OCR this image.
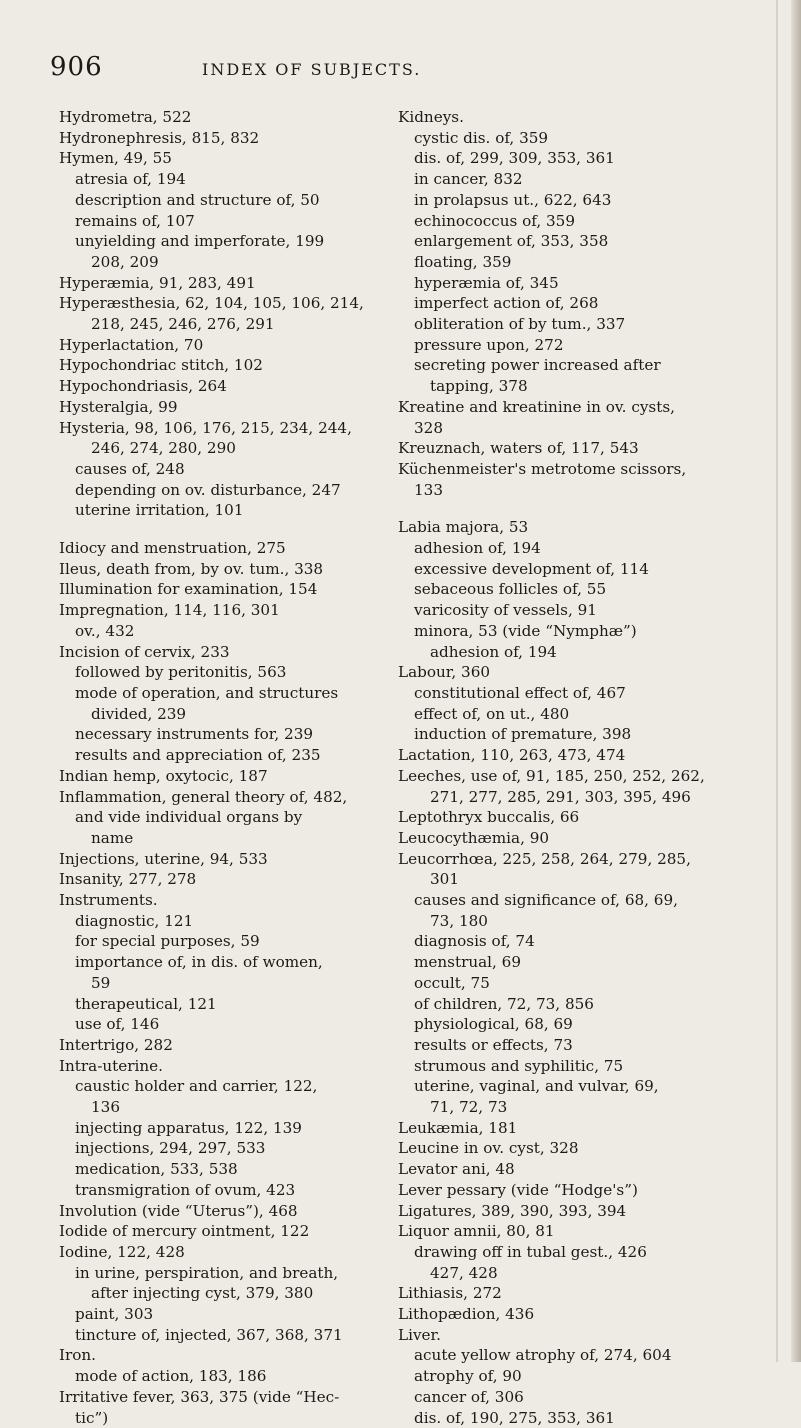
906	INDEX OF SUBJECTS.
Hydrometra, 522
Hydronephresis, 815, 832
Hymen, 49, 55
atresia of, 194
description and structure of, 50
remains of, 107
unyielding and imperforate, 199
208, 209
Hyperæmia, 91, 283, 491
Hyperæsthesia, 62, 104, 105, 106, 214,
218, 245, 246, 276, 291
Hyperlactation, 70
Hypochondriac stitch, 102
Hypochondriasis, 264
Hysteralgia, 99
Hysteria, 98, 106, 176, 215, 234, 244,
246, 274, 280, 290
causes of, 248
depending on ov. disturbance, 247
uterine irritation, 101
Idiocy and menstruation, 275
Ileus, death from, by ov. tum., 338
Illumination for examination, 154
Impregnation, 114, 116, 301
ov., 432
Incision of cervix, 233
followed by peritonitis, 563
mode of operation, and structures
divided, 239
necessary instruments for, 239
results and appreciation of, 235
Indian hemp, oxytocic, 187
Inflammation, general theory of, 482,
and vide individual organs by
name
Injections, uterine, 94, 533
Insanity, 277, 278
Instruments.
diagnostic, 121
for special purposes, 59
importance of, in dis. of women,
59
therapeutical, 121
use of, 146
Intertrigo, 282
Intra-uterine.
caustic holder and carrier, 122,
136
injecting apparatus, 122, 139
injections, 294, 297, 533
medication, 533, 538
transmigration of ovum, 423
Involution (vide “Uterus”), 468
Iodide of mercury ointment, 122
Iodine, 122, 428
in urine, perspiration, and breath,
after injecting cyst, 379, 380
paint, 303
tincture of, injected, 367, 368, 371
Iron.
mode of action, 183, 186
Irritative fever, 363, 375 (vide “Hec-
tic”)
Kidneys.
cystic dis. of, 359
dis. of, 299, 309, 353, 361
in cancer, 832
in prolapsus ut., 622, 643
echinococcus of, 359
enlargement of, 353, 358
floating, 359
hyperæmia of, 345
imperfect action of, 268
obliteration of by tum., 337
pressure upon, 272
secreting power increased after
tapping, 378
Kreatine and kreatinine in ov. cysts,
328
Kreuznach, waters of, 117, 543
Küchenmeister's metrotome scissors,
133
Labia majora, 53
adhesion of, 194
excessive development of, 114
sebaceous follicles of, 55
varicosity of vessels, 91
minora, 53 (vide “Nymphæ”)
adhesion of, 194
Labour, 360
constitutional effect of, 467
effect of, on ut., 480
induction of premature, 398
Lactation, 110, 263, 473, 474
Leeches, use of, 91, 185, 250, 252, 262,
271, 277, 285, 291, 303, 395, 496
Leptothryx buccalis, 66
Leucocythæmia, 90
Leucorrhœa, 225, 258, 264, 279, 285,
301
causes and significance of, 68, 69,
73, 180
diagnosis of, 74
menstrual, 69
occult, 75
of children, 72, 73, 856
physiological, 68, 69
results or effects, 73
strumous and syphilitic, 75
uterine, vaginal, and vulvar, 69,
71, 72, 73
Leukæmia, 181
Leucine in ov. cyst, 328
Levator ani, 48
Lever pessary (vide “Hodge's”)
Ligatures, 389, 390, 393, 394
Liquor amnii, 80, 81
drawing off in tubal gest., 426
427, 428
Lithiasis, 272
Lithopædion, 436
Liver.
acute yellow atrophy of, 274, 604
atrophy of, 90
cancer of, 306
dis. of, 190, 275, 353, 361
